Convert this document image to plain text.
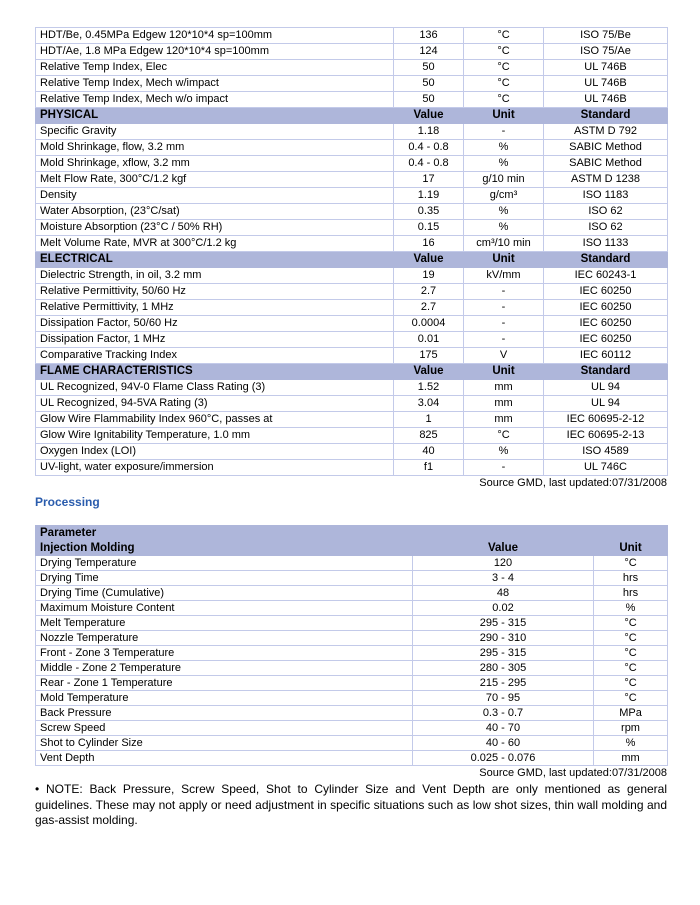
HDT/Be, 0.45MPa Edgew 120*10*4 sp=100mm	136	°C	ISO 75/Be
HDT/Ae, 1.8 MPa Edgew 120*10*4 sp=100mm	124	°C	ISO 75/Ae
Relative Temp Index, Elec	50	°C	UL 746B
Relative Temp Index, Mech w/impact	50	°C	UL 746B
Relative Temp Index, Mech w/o impact	50	°C	UL 746B
PHYSICAL	Value	Unit	Standard
Specific Gravity	1.18	-	ASTM D 792
Mold Shrinkage, flow, 3.2 mm	0.4 - 0.8	%	SABIC Method
Mold Shrinkage, xflow, 3.2 mm	0.4 - 0.8	%	SABIC Method
Melt Flow Rate, 300°C/1.2 kgf	17	g/10 min	ASTM D 1238
Density	1.19	g/cm³	ISO 1183
Water Absorption, (23°C/sat)	0.35	%	ISO 62
Moisture Absorption (23°C / 50% RH)	0.15	%	ISO 62
Melt Volume Rate, MVR at 300°C/1.2 kg	16	cm³/10 min	ISO 1133
ELECTRICAL	Value	Unit	Standard
Dielectric Strength, in oil, 3.2 mm	19	kV/mm	IEC 60243-1
Relative Permittivity, 50/60 Hz	2.7	-	IEC 60250
Relative Permittivity, 1 MHz	2.7	-	IEC 60250
Dissipation Factor, 50/60 Hz	0.0004	-	IEC 60250
Dissipation Factor, 1 MHz	0.01	-	IEC 60250
Comparative Tracking Index	175	V	IEC 60112
FLAME CHARACTERISTICS	Value	Unit	Standard
UL Recognized, 94V-0 Flame Class Rating (3)	1.52	mm	UL 94
UL Recognized, 94-5VA Rating (3)	3.04	mm	UL 94
Glow Wire Flammability Index 960°C, passes at	1	mm	IEC 60695-2-12
Glow Wire Ignitability Temperature, 1.0 mm	825	°C	IEC 60695-2-13
Oxygen Index (LOI)	40	%	ISO 4589
UV-light, water exposure/immersion	f1	-	UL 746C
Source GMD, last updated:07/31/2008
Processing
Parameter		
Injection Molding	Value	Unit
Drying Temperature	120	°C
Drying Time	3 - 4	hrs
Drying Time (Cumulative)	48	hrs
Maximum Moisture Content	0.02	%
Melt Temperature	295 - 315	°C
Nozzle Temperature	290 - 310	°C
Front - Zone 3 Temperature	295 - 315	°C
Middle - Zone 2 Temperature	280 - 305	°C
Rear - Zone 1 Temperature	215 - 295	°C
Mold Temperature	70 - 95	°C
Back Pressure	0.3 - 0.7	MPa
Screw Speed	40 - 70	rpm
Shot to Cylinder Size	40 - 60	%
Vent Depth	0.025 - 0.076	mm
Source GMD, last updated:07/31/2008
• NOTE: Back Pressure, Screw Speed, Shot to Cylinder Size and Vent Depth are only mentioned as general guidelines. These may not apply or need adjustment in specific situations such as low shot sizes, thin wall molding and gas-assist molding.
